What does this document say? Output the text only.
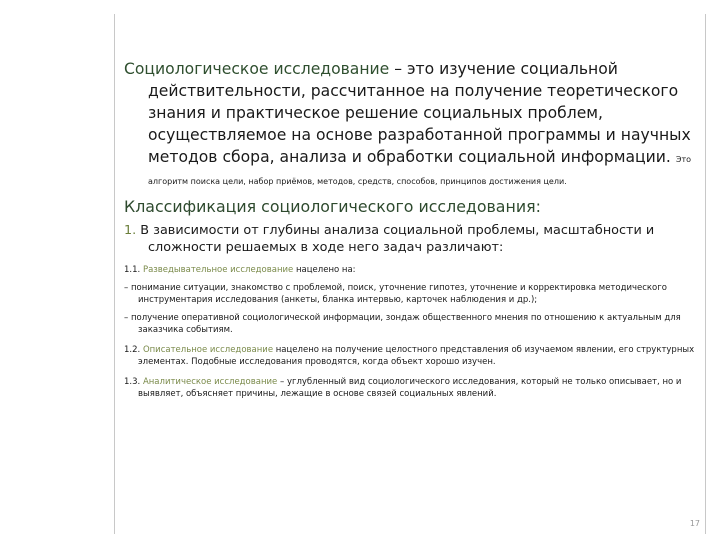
Социологическое исследование – это изучение социальной действительности, рассчитанное на получение теоретического знания и практическое решение социальных проблем, осуществляемое на основе разработанной программы и научных методов сбора, анализа и обработки социальной информации. Это алгоритм поиска цели, набор приёмов, методов, средств, способов, принципов достижения цели.

Классификация социологического исследования:

1. В зависимости от глубины анализа социальной проблемы, масштабности и сложности решаемых в ходе него задач различают:

1.1. Разведывательное исследование нацелено на:

– понимание ситуации, знакомство с проблемой, поиск, уточнение гипотез, уточнение и корректировка методического инструментария исследования (анкеты, бланка интервью, карточек наблюдения и др.);

– получение оперативной социологической информации, зондаж общественного мнения по отношению к актуальным для заказчика событиям.

1.2. Описательное исследование нацелено на получение целостного представления об изучаемом явлении, его структурных элементах. Подобные исследования проводятся, когда объект хорошо изучен.

1.3. Аналитическое исследование – углубленный вид социологического исследования, который не только описывает, но и выявляет, объясняет причины, лежащие в основе связей социальных явлений.

17
